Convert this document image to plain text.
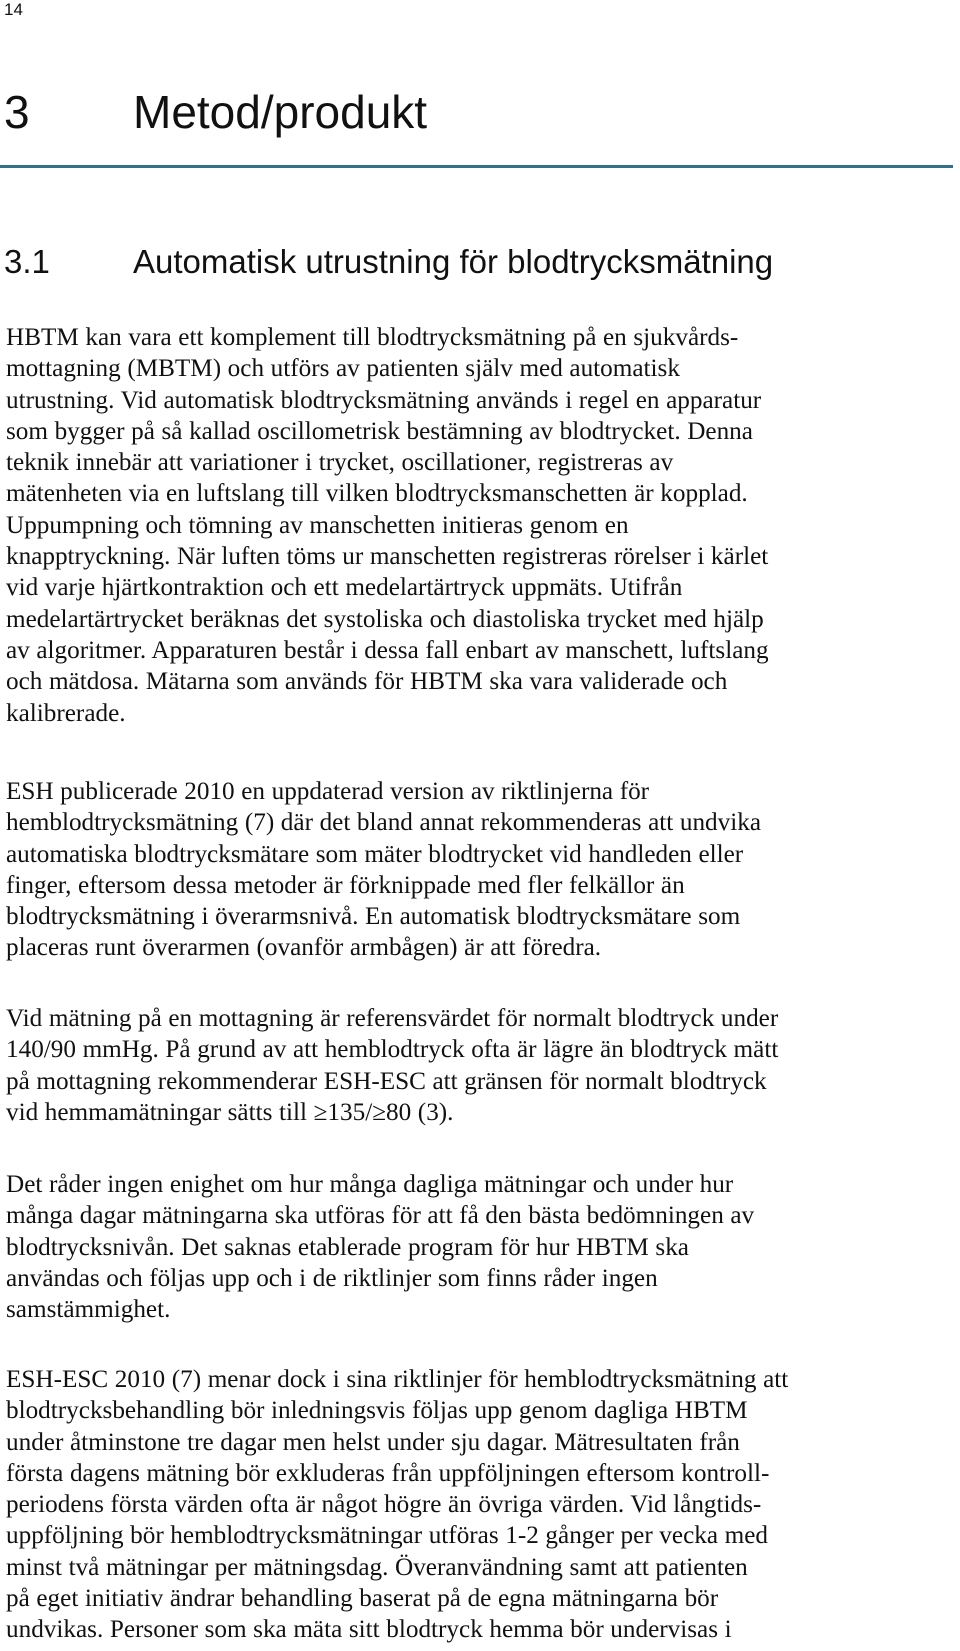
14
3 Metod/produkt
3.1	Automatisk utrustning för blodtrycksmätning
HBTM kan vara ett komplement till blodtrycksmätning på en sjukvårds-
mottagning (MBTM) och utförs av patienten själv med automatisk
utrustning. Vid automatisk blodtrycksmätning används i regel en apparatur
som bygger på så kallad oscillometrisk bestämning av blodtrycket. Denna
teknik innebär att variationer i trycket, oscillationer, registreras av
mätenheten via en luftslang till vilken blodtrycksmanschetten är kopplad.
Uppumpning och tömning av manschetten initieras genom en
knapptryckning. När luften töms ur manschetten registreras rörelser i kärlet
vid varje hjärtkontraktion och ett medelartärtryck uppmäts. Utifrån
medelartärtrycket beräknas det systoliska och diastoliska trycket med hjälp
av algoritmer. Apparaturen består i dessa fall enbart av manschett, luftslang
och mätdosa. Mätarna som används för HBTM ska vara validerade och
kalibrerade.
ESH publicerade 2010 en uppdaterad version av riktlinjerna för
hemblodtrycksmätning (7) där det bland annat rekommenderas att undvika
automatiska blodtrycksmätare som mäter blodtrycket vid handleden eller
finger, eftersom dessa metoder är förknippade med fler felkällor än
blodtrycksmätning i överarmsnivå. En automatisk blodtrycksmätare som
placeras runt överarmen (ovanför armbågen) är att föredra.
Vid mätning på en mottagning är referensvärdet för normalt blodtryck under
140/90 mmHg. På grund av att hemblodtryck ofta är lägre än blodtryck mätt
på mottagning rekommenderar ESH-ESC att gränsen för normalt blodtryck
vid hemmamätningar sätts till ≥135/≥80 (3).
Det råder ingen enighet om hur många dagliga mätningar och under hur
många dagar mätningarna ska utföras för att få den bästa bedömningen av
blodtrycksnivån. Det saknas etablerade program för hur HBTM ska
användas och följas upp och i de riktlinjer som finns råder ingen
samstämmighet.
ESH-ESC 2010 (7) menar dock i sina riktlinjer för hemblodtrycksmätning att
blodtrycksbehandling bör inledningsvis följas upp genom dagliga HBTM
under åtminstone tre dagar men helst under sju dagar. Mätresultaten från
första dagens mätning bör exkluderas från uppföljningen eftersom kontroll-
periodens första värden ofta är något högre än övriga värden. Vid långtids-
uppföljning bör hemblodtrycksmätningar utföras 1-2 gånger per vecka med
minst två mätningar per mätningsdag. Överanvändning samt att patienten
på eget initiativ ändrar behandling baserat på de egna mätningarna bör
undvikas. Personer som ska mäta sitt blodtryck hemma bör undervisas i
